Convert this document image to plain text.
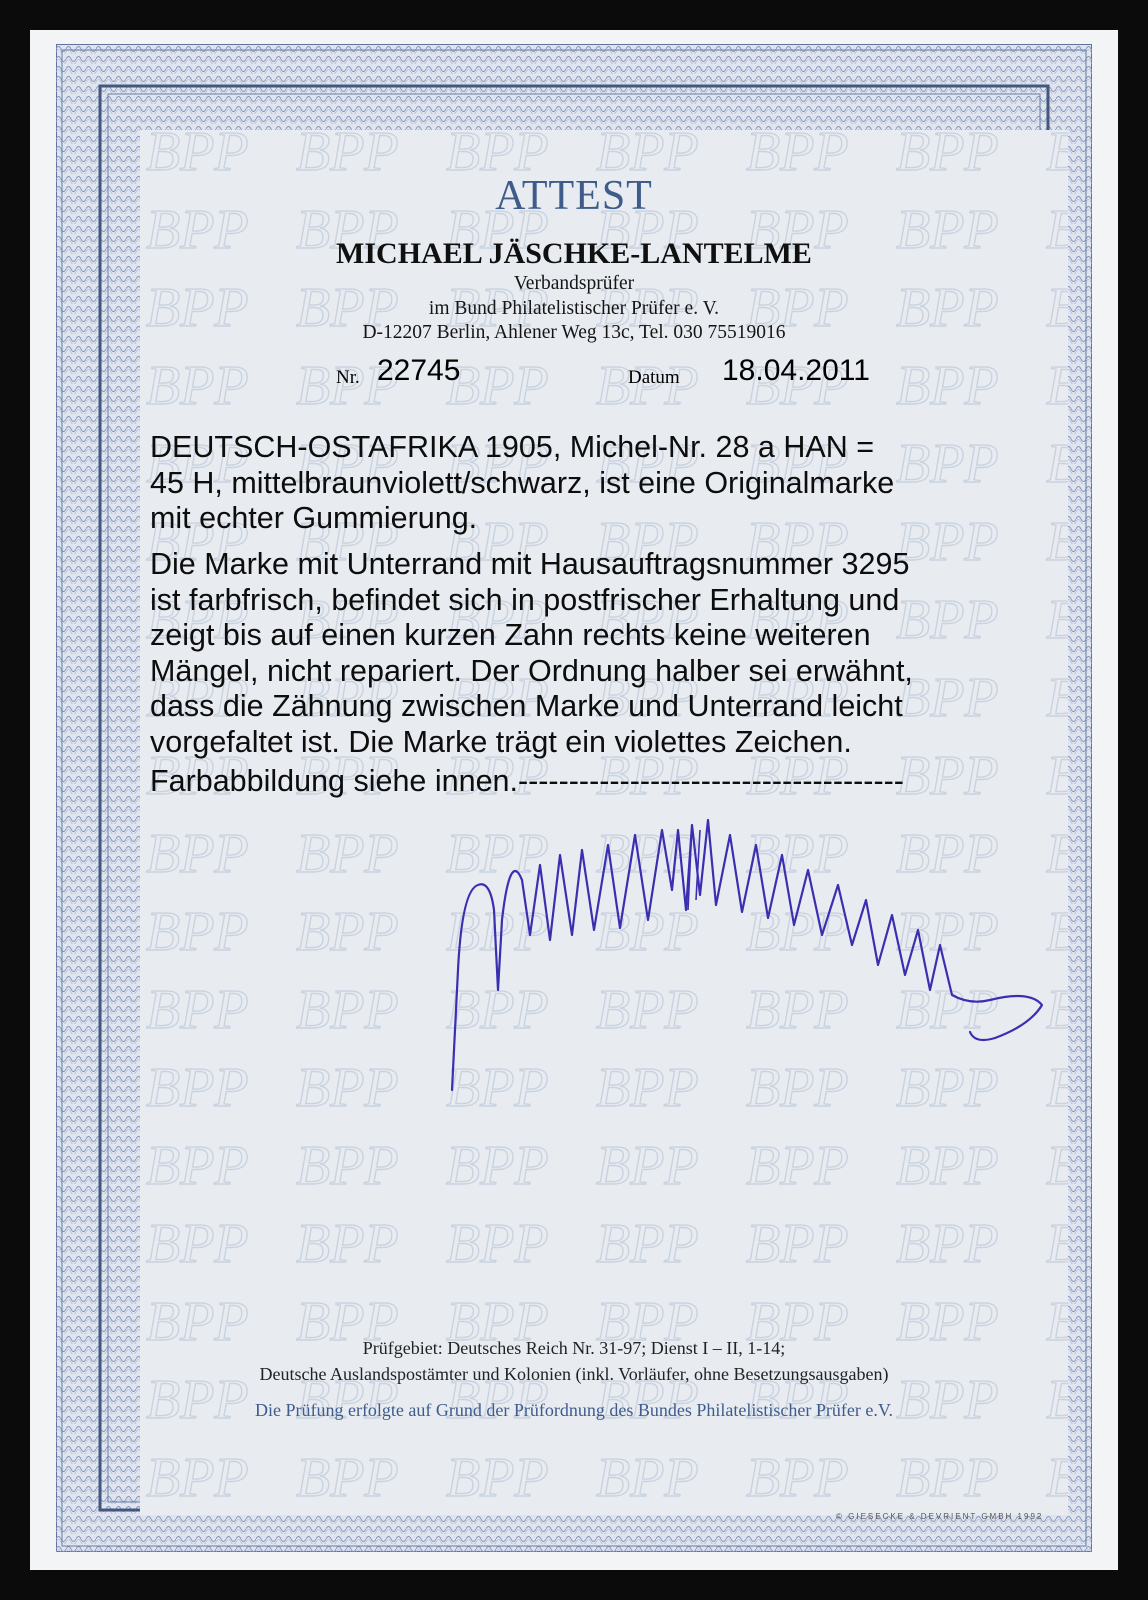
ATTEST
MICHAEL JÄSCHKE-LANTELME
Verbandsprüfer
im Bund Philatelistischer Prüfer e. V.
D-12207 Berlin, Ahlener Weg 13c, Tel. 030 75519016
Nr. 22745	Datum 18.04.2011
DEUTSCH-OSTAFRIKA 1905, Michel-Nr. 28 a HAN =
45 H, mittelbraunviolett/schwarz, ist eine Originalmarke
mit echter Gummierung.
Die Marke mit Unterrand mit Hausauftragsnummer 3295
ist farbfrisch, befindet sich in postfrischer Erhaltung und
zeigt bis auf einen kurzen Zahn rechts keine weiteren
Mängel, nicht repariert. Der Ordnung halber sei erwähnt,
dass die Zähnung zwischen Marke und Unterrand leicht
vorgefaltet ist. Die Marke trägt ein violettes Zeichen.
Farbabbildung siehe innen.--------------------------------------
Prüfgebiet: Deutsches Reich Nr. 31-97; Dienst I – II, 1-14;
Deutsche Auslandspostämter und Kolonien (inkl. Vorläufer, ohne Besetzungsausgaben)
Die Prüfung erfolgte auf Grund der Prüfordnung des Bundes Philatelistischer Prüfer e.V.
© GIESECKE & DEVRIENT GMBH 1992
